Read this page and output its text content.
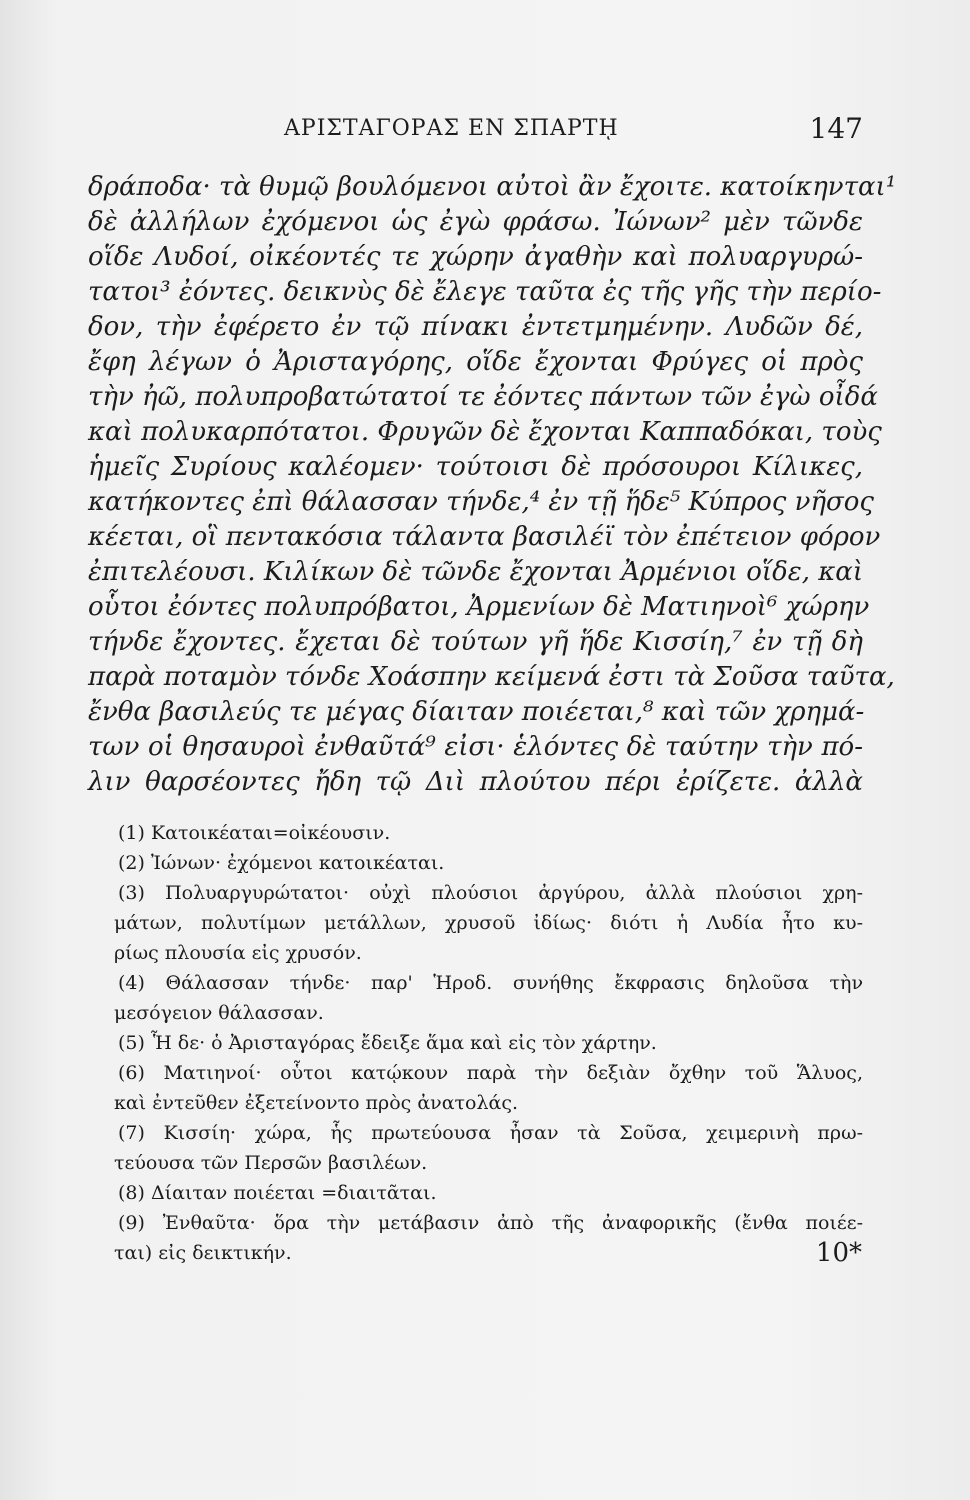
ΑΡΙΣΤΑΓΟΡΑΣ ΕΝ ΣΠΑΡΤῌ	147
δράποδα· τὰ θυμῷ βουλόμενοι αὐτοὶ ἂν ἔχοιτε. κατοίκηνται¹
δὲ ἀλλήλων ἐχόμενοι ὡς ἐγὼ φράσω. Ἰώνων² μὲν τῶνδε
οἵδε Λυδοί, οἰκέοντές τε χώρην ἀγαθὴν καὶ πολυαργυρώ-
τατοι³ ἐόντες. δεικνὺς δὲ ἔλεγε ταῦτα ἐς τῆς γῆς τὴν περίο-
δον, τὴν ἐφέρετο ἐν τῷ πίνακι ἐντετμημένην. Λυδῶν δέ,
ἔφη λέγων ὁ Ἀρισταγόρης, οἵδε ἔχονται Φρύγες οἱ πρὸς
τὴν ἠῶ, πολυπροβατώτατοί τε ἐόντες πάντων τῶν ἐγὼ οἶδά
καὶ πολυκαρπότατοι. Φρυγῶν δὲ ἔχονται Καππαδόκαι, τοὺς
ἡμεῖς Συρίους καλέομεν· τούτοισι δὲ πρόσουροι Κίλικες,
κατήκοντες ἐπὶ θάλασσαν τήνδε,⁴ ἐν τῇ ἥδε⁵ Κύπρος νῆσος
κέεται, οἳ πεντακόσια τάλαντα βασιλέϊ τὸν ἐπέτειον φόρον
ἐπιτελέουσι. Κιλίκων δὲ τῶνδε ἔχονται Ἀρμένιοι οἵδε, καὶ
οὗτοι ἐόντες πολυπρόβατοι, Ἀρμενίων δὲ Ματιηνοὶ⁶ χώρην
τήνδε ἔχοντες. ἔχεται δὲ τούτων γῆ ἥδε Κισσίη,⁷ ἐν τῇ δὴ
παρὰ ποταμὸν τόνδε Χοάσπην κείμενά ἐστι τὰ Σοῦσα ταῦτα,
ἔνθα βασιλεύς τε μέγας δίαιταν ποιέεται,⁸ καὶ τῶν χρημά-
των οἱ θησαυροὶ ἐνθαῦτά⁹ εἰσι· ἑλόντες δὲ ταύτην τὴν πό-
λιν θαρσέοντες ἤδη τῷ Διὶ πλούτου πέρι ἐρίζετε. ἀλλὰ
(1) Κατοικέαται=οἰκέουσιν.
(2) Ἰώνων· ἐχόμενοι κατοικέαται.
(3) Πολυαργυρώτατοι· οὐχὶ πλούσιοι ἀργύρου, ἀλλὰ πλούσιοι χρη-
μάτων, πολυτίμων μετάλλων, χρυσοῦ ἰδίως· διότι ἡ Λυδία ἦτο κυ-
ρίως πλουσία εἰς χρυσόν.
(4) Θάλασσαν τήνδε· παρ' Ἡροδ. συνήθης ἔκφρασις δηλοῦσα τὴν
μεσόγειον θάλασσαν.
(5) Ἧ δε· ὁ Ἀρισταγόρας ἔδειξε ἅμα καὶ εἰς τὸν χάρτην.
(6) Ματιηνοί· οὗτοι κατῴκουν παρὰ τὴν δεξιὰν ὄχθην τοῦ Ἅλυος,
καὶ ἐντεῦθεν ἐξετείνοντο πρὸς ἀνατολάς.
(7) Κισσίη· χώρα, ἧς πρωτεύουσα ἦσαν τὰ Σοῦσα, χειμερινὴ πρω-
τεύουσα τῶν Περσῶν βασιλέων.
(8) Δίαιταν ποιέεται =διαιτᾶται.
(9) Ἐνθαῦτα· ὅρα τὴν μετάβασιν ἀπὸ τῆς ἀναφορικῆς (ἔνθα ποιέε-
ται) εἰς δεικτικήν.	10*
